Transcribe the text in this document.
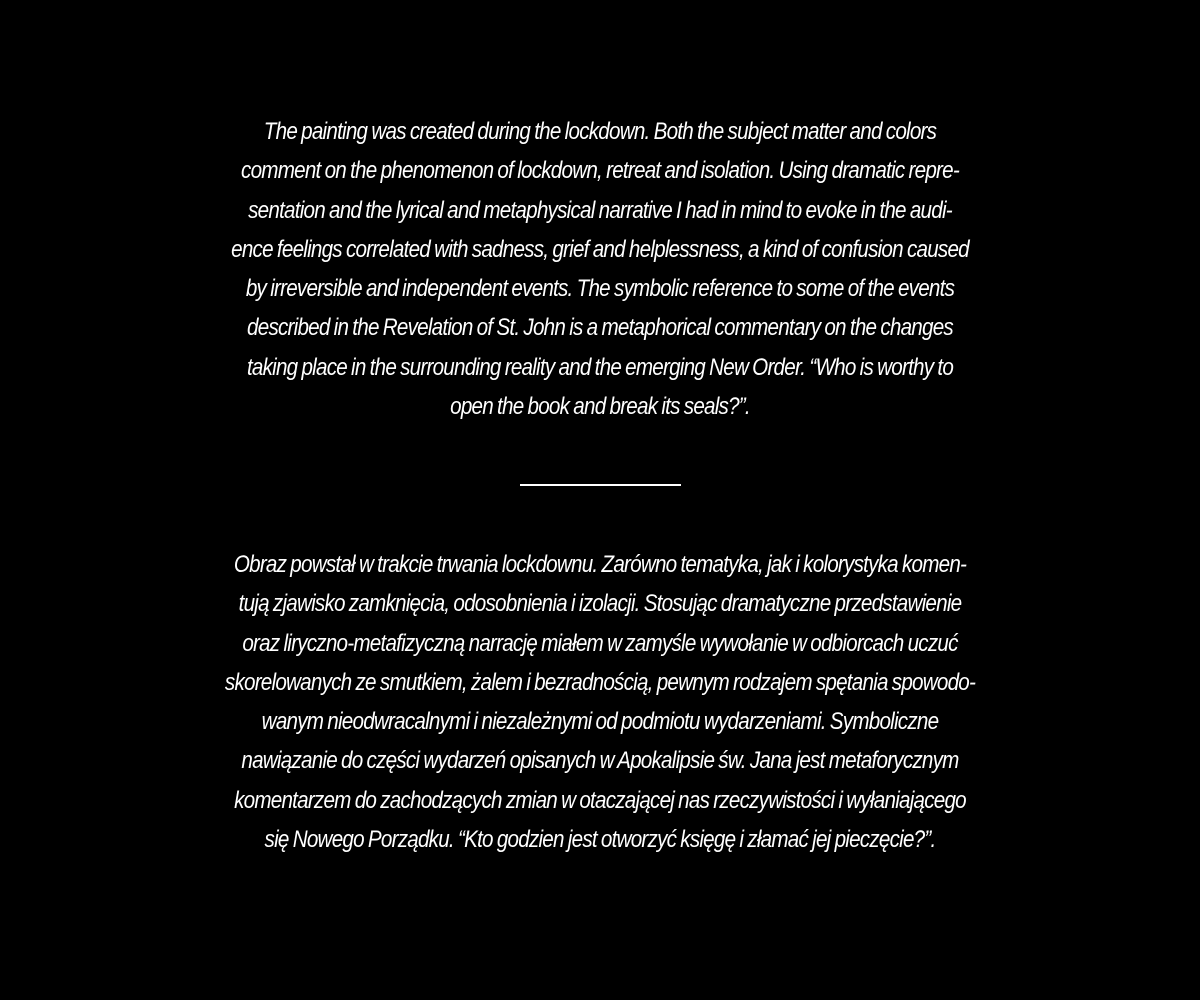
The painting was created during the lockdown. Both the subject matter and colors
comment on the phenomenon of lockdown, retreat and isolation. Using dramatic repre-
sentation and the lyrical and metaphysical narrative I had in mind to evoke in the audi-
ence feelings correlated with sadness, grief and helplessness, a kind of confusion caused
by irreversible and independent events. The symbolic reference to some of the events
described in the Revelation of St. John is a metaphorical commentary on the changes
taking place in the surrounding reality and the emerging New Order. “Who is worthy to
open the book and break its seals?”.
Obraz powstał w trakcie trwania lockdownu. Zarówno tematyka, jak i kolorystyka komen-
tują zjawisko zamknięcia, odosobnienia i izolacji. Stosując dramatyczne przedstawienie
oraz liryczno-metafizyczną narrację miałem w zamyśle wywołanie w odbiorcach uczuć
skorelowanych ze smutkiem, żalem i bezradnością, pewnym rodzajem spętania spowodo-
wanym nieodwracalnymi i niezależnymi od podmiotu wydarzeniami. Symboliczne
nawiązanie do części wydarzeń opisanych w Apokalipsie św. Jana jest metaforycznym
komentarzem do zachodzących zmian w otaczającej nas rzeczywistości i wyłaniającego
się Nowego Porządku. “Kto godzien jest otworzyć księgę i złamać jej pieczęcie?”.
